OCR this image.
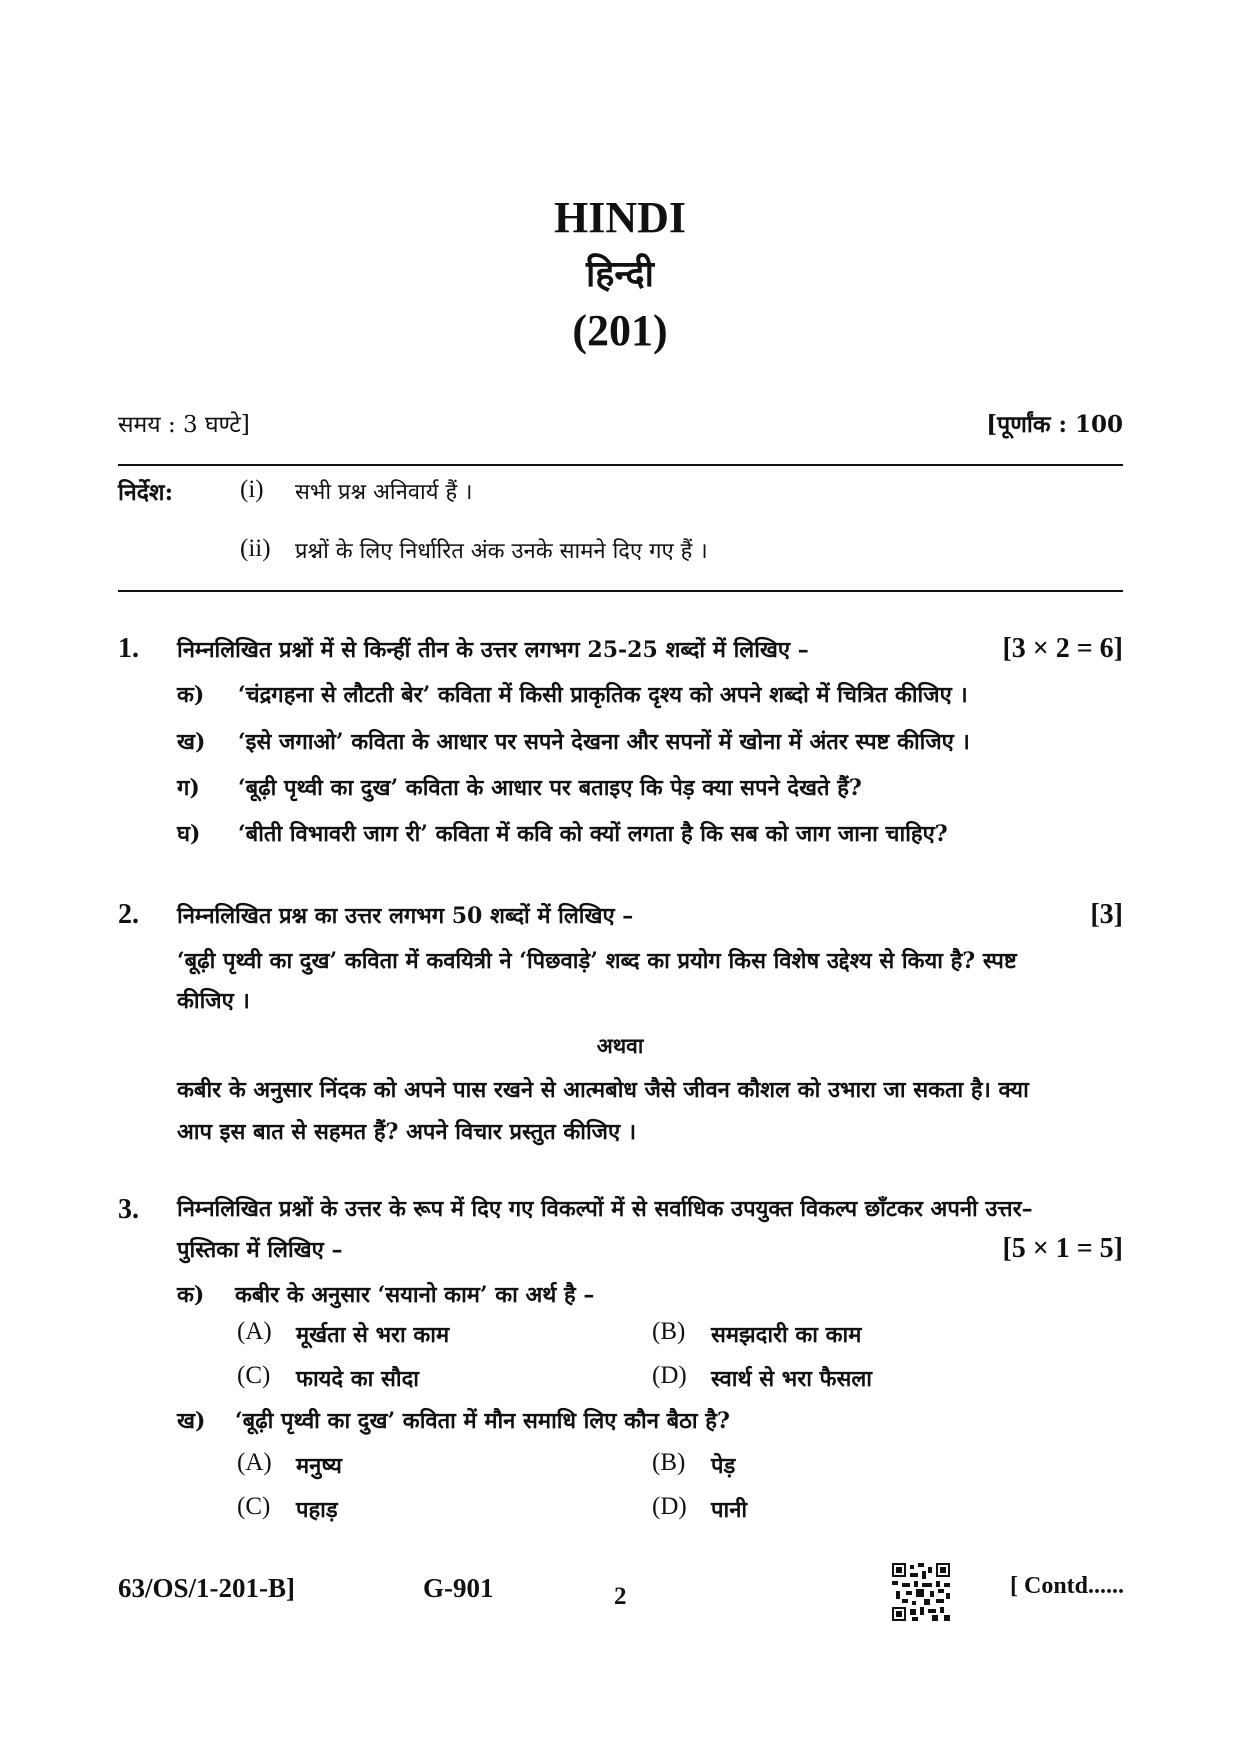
HINDI
हिन्दी
(201)
समय : 3 घण्टे]	[पूर्णांक : 100
निर्देश:	(i) सभी प्रश्न अनिवार्य हैं ।
(ii) प्रश्नों के लिए निर्धारित अंक उनके सामने दिए गए हैं ।
1. निम्नलिखित प्रश्नों में से किन्हीं तीन के उत्तर लगभग 25-25 शब्दों में लिखिए –	[3 × 2 = 6]
क) ‘चंद्रगहना से लौटती बेर’ कविता में किसी प्राकृतिक दृश्य को अपने शब्दो में चित्रित कीजिए ।
ख) ‘इसे जगाओ’ कविता के आधार पर सपने देखना और सपनों में खोना में अंतर स्पष्ट कीजिए ।
ग) ‘बूढ़ी पृथ्वी का दुख’ कविता के आधार पर बताइए कि पेड़ क्या सपने देखते हैं?
घ) ‘बीती विभावरी जाग री’ कविता में कवि को क्यों लगता है कि सब को जाग जाना चाहिए?
2. निम्नलिखित प्रश्न का उत्तर लगभग 50 शब्दों में लिखिए –	[3]
‘बूढ़ी पृथ्वी का दुख’ कविता में कवयित्री ने ‘पिछवाड़े’ शब्द का प्रयोग किस विशेष उद्देश्य से किया है? स्पष्ट
कीजिए ।
अथवा
कबीर के अनुसार निंदक को अपने पास रखने से आत्मबोध जैसे जीवन कौशल को उभारा जा सकता है। क्या
आप इस बात से सहमत हैं? अपने विचार प्रस्तुत कीजिए ।
3. निम्नलिखित प्रश्नों के उत्तर के रूप में दिए गए विकल्पों में से सर्वाधिक उपयुक्त विकल्प छाँटकर अपनी उत्तर–
पुस्तिका में लिखिए –	[5 × 1 = 5]
क) कबीर के अनुसार ‘सयानो काम’ का अर्थ है –
(A) मूर्खता से भरा काम	(B) समझदारी का काम
(C) फायदे का सौदा	(D) स्वार्थ से भरा फैसला
ख) ‘बूढ़ी पृथ्वी का दुख’ कविता में मौन समाधि लिए कौन बैठा है?
(A) मनुष्य	(B) पेड़
(C) पहाड़	(D) पानी
63/OS/1-201-B]	G-901	2	[ Contd......
